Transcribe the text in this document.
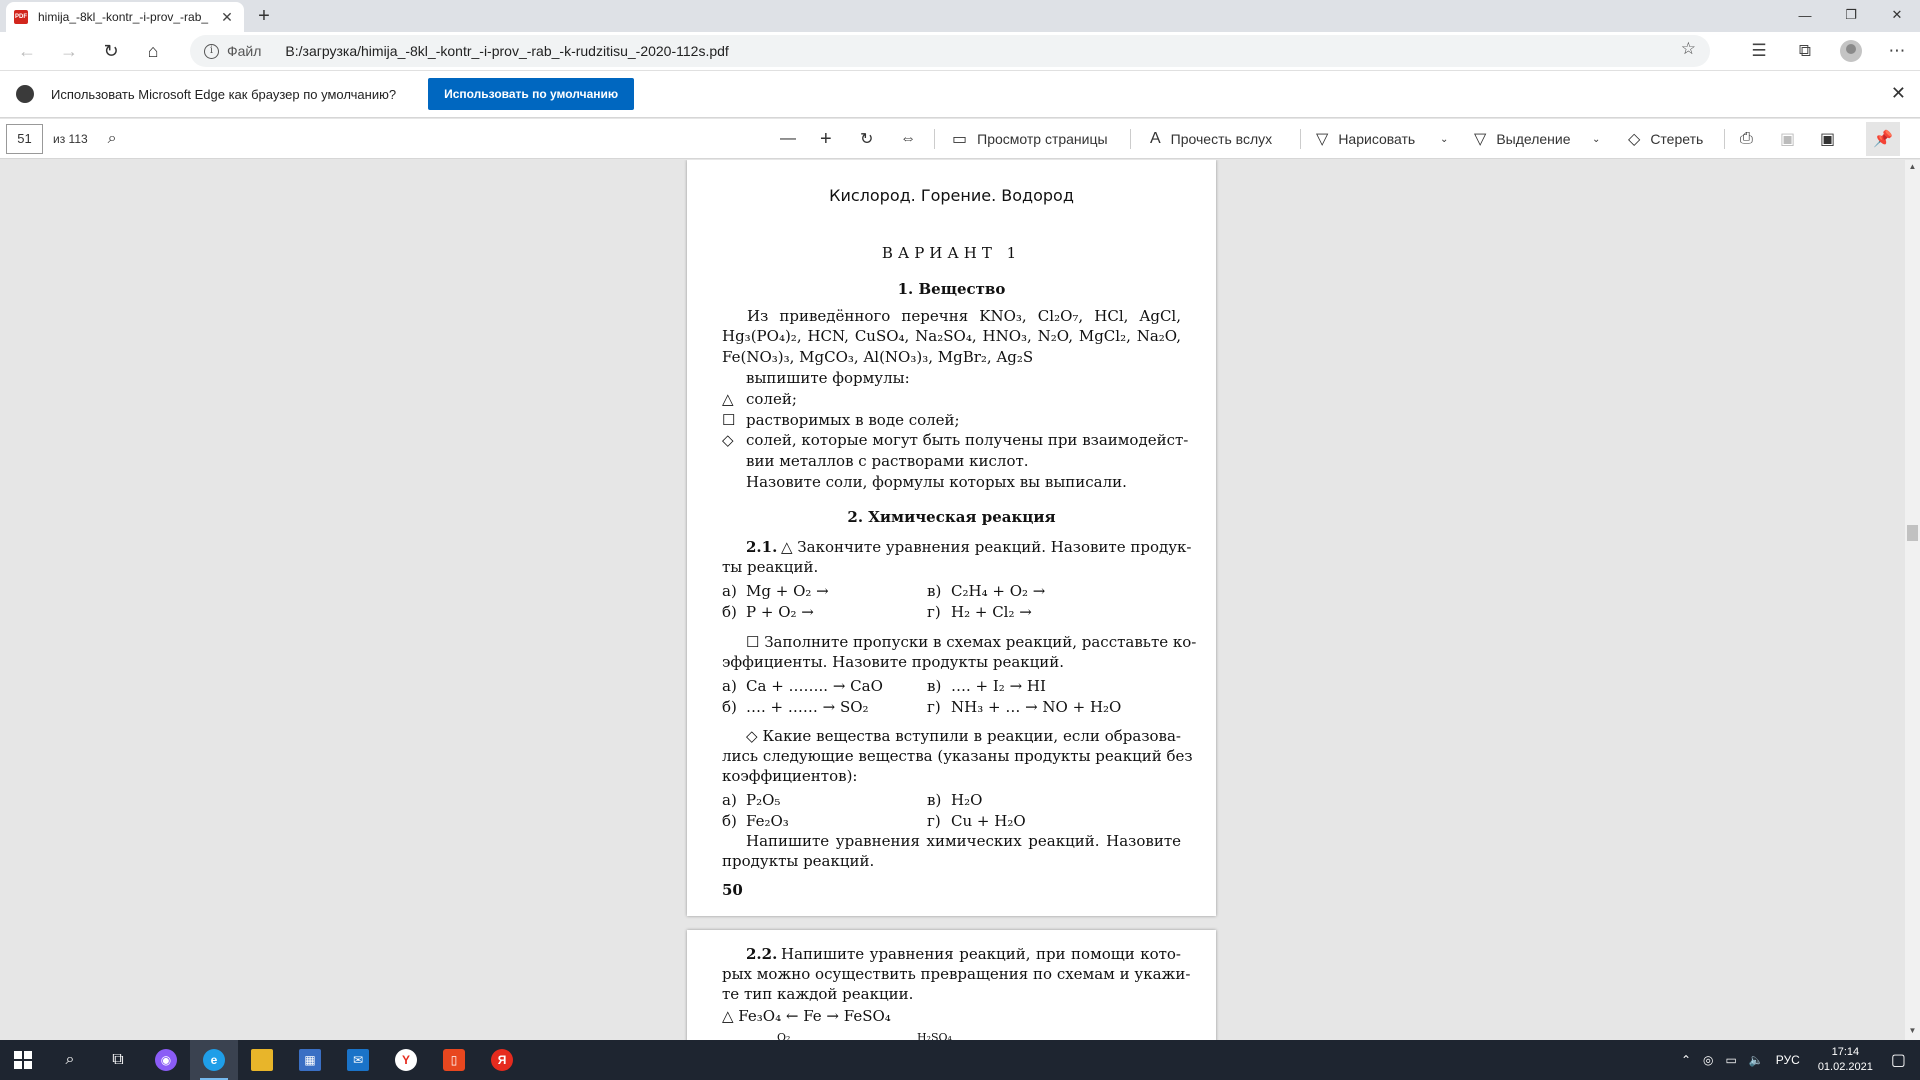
PDF himija_-8kl_-kontr_-i-prov_-rab_ ✕	+	—	❐	✕
←	→	↻	⌂	i Файл B:/загрузка/himija_-8kl_-kontr_-i-prov_-rab_-k-rudzitisu_-2020-112s.pdf	☆	☰	⧉	⋯
Использовать Microsoft Edge как браузер по умолчанию?	Использовать по умолчанию	✕
51	из 113 ⌕	— + ↻ ⇔ ▭ Просмотр страницы	A Прочесть вслух	▽ Нарисовать ⌄ ▽ Выделение ⌄ ◇ Стереть ⎙ ▣ ▣ 📌
Кислород. Горение. Водород
ВАРИАНТ 1
1. Вещество
Из приведённого перечня KNO₃, Cl₂O₇, HCl, AgCl,
Hg₃(PO₄)₂, HCN, CuSO₄, Na₂SO₄, HNO₃, N₂O, MgCl₂, Na₂O,
Fe(NO₃)₃, MgCO₃, Al(NO₃)₃, MgBr₂, Ag₂S
выпишите формулы:
△ солей;
☐ растворимых в воде солей;
◇ солей, которые могут быть получены при взаимодейст-
вии металлов с растворами кислот.
Назовите соли, формулы которых вы выписали.
2. Химическая реакция
2.1. △ Закончите уравнения реакций. Назовите продук-
ты реакций.
а) Mg + O₂ →	в) C₂H₄ + O₂ →
б) P + O₂ →	г) H₂ + Cl₂ →
☐ Заполните пропуски в схемах реакций, расставьте ко-
эффициенты. Назовите продукты реакций.
а) Ca + …….. → CaO	в) …. + I₂ → HI
б) …. + …… → SO₂	г) NH₃ + … → NO + H₂O
◇ Какие вещества вступили в реакции, если образова-
лись следующие вещества (указаны продукты реакций без
коэффициентов):
а) P₂O₅	в) H₂O
б) Fe₂O₃	г) Cu + H₂O
Напишите уравнения химических реакций. Назовите
продукты реакций.
50
2.2. Напишите уравнения реакций, при помощи кото-
рых можно осуществить превращения по схемам и укажи-
те тип каждой реакции.
△ Fe₃O₄ ← Fe → FeSO₄
O₂	H₂SO₄
▲
▼
⌕ ⧉	◉	e	▦	✉	Y	▯	Я	⌃ ◎ ▭ 🔈 РУС
17:14
01.02.2021 ▢
